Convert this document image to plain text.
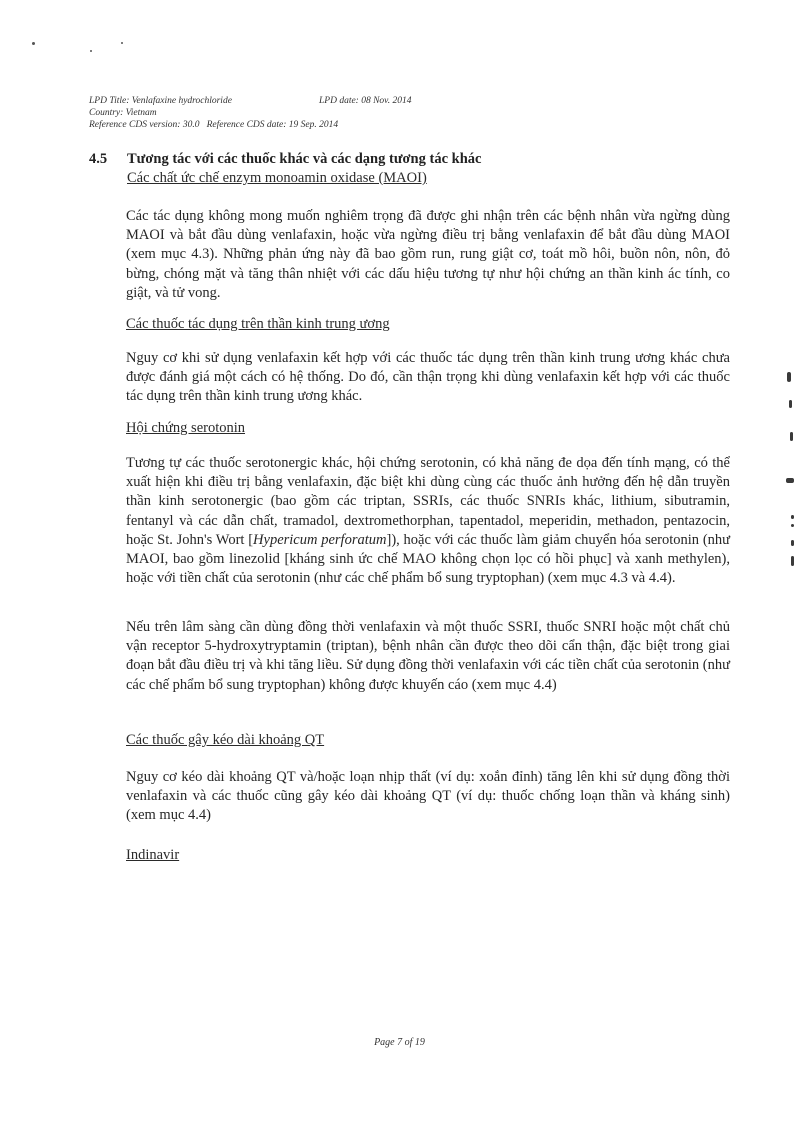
LPD Title: Venlafaxine hydrochloride	LPD date: 08 Nov. 2014
Country: Vietnam
Reference CDS version: 30.0   Reference CDS date: 19 Sep. 2014
4.5 Tương tác với các thuốc khác và các dạng tương tác khác
Các chất ức chế enzym monoamin oxidase (MAOI)
Các tác dụng không mong muốn nghiêm trọng đã được ghi nhận trên các bệnh nhân vừa ngừng dùng MAOI và bắt đầu dùng venlafaxin, hoặc vừa ngừng điều trị bằng venlafaxin để bắt đầu dùng MAOI (xem mục 4.3). Những phản ứng này đã bao gồm run, rung giật cơ, toát mồ hôi, buồn nôn, nôn, đỏ bừng, chóng mặt và tăng thân nhiệt với các dấu hiệu tương tự như hội chứng an thần kinh ác tính, co giật, và tử vong.
Các thuốc tác dụng trên thần kinh trung ương
Nguy cơ khi sử dụng venlafaxin kết hợp với các thuốc tác dụng trên thần kinh trung ương khác chưa được đánh giá một cách có hệ thống. Do đó, cần thận trọng khi dùng venlafaxin kết hợp với các thuốc tác dụng trên thần kinh trung ương khác.
Hội chứng serotonin
Tương tự các thuốc serotonergic khác, hội chứng serotonin, có khả năng đe dọa đến tính mạng, có thể xuất hiện khi điều trị bằng venlafaxin, đặc biệt khi dùng cùng các thuốc ảnh hưởng đến hệ dẫn truyền thần kinh serotonergic (bao gồm các triptan, SSRIs, các thuốc SNRIs khác, lithium, sibutramin, fentanyl và các dẫn chất, tramadol, dextromethorphan, tapentadol, meperidin, methadon, pentazocin, hoặc St. John's Wort [Hypericum perforatum]), hoặc với các thuốc làm giảm chuyển hóa serotonin (như MAOI, bao gồm linezolid [kháng sinh ức chế MAO không chọn lọc có hồi phục] và xanh methylen), hoặc với tiền chất của serotonin (như các chế phẩm bổ sung tryptophan) (xem mục 4.3 và 4.4).
Nếu trên lâm sàng cần dùng đồng thời venlafaxin và một thuốc SSRI, thuốc SNRI hoặc một chất chủ vận receptor 5-hydroxytryptamin (triptan), bệnh nhân cần được theo dõi cẩn thận, đặc biệt trong giai đoạn bắt đầu điều trị và khi tăng liều. Sử dụng đồng thời venlafaxin với các tiền chất của serotonin (như các chế phẩm bổ sung tryptophan) không được khuyến cáo (xem mục 4.4)
Các thuốc gây kéo dài khoảng QT
Nguy cơ kéo dài khoảng QT và/hoặc loạn nhịp thất (ví dụ: xoắn đỉnh) tăng lên khi sử dụng đồng thời venlafaxin và các thuốc cũng gây kéo dài khoảng QT (ví dụ: thuốc chống loạn thần và kháng sinh) (xem mục 4.4)
Indinavir
Page 7 of 19
